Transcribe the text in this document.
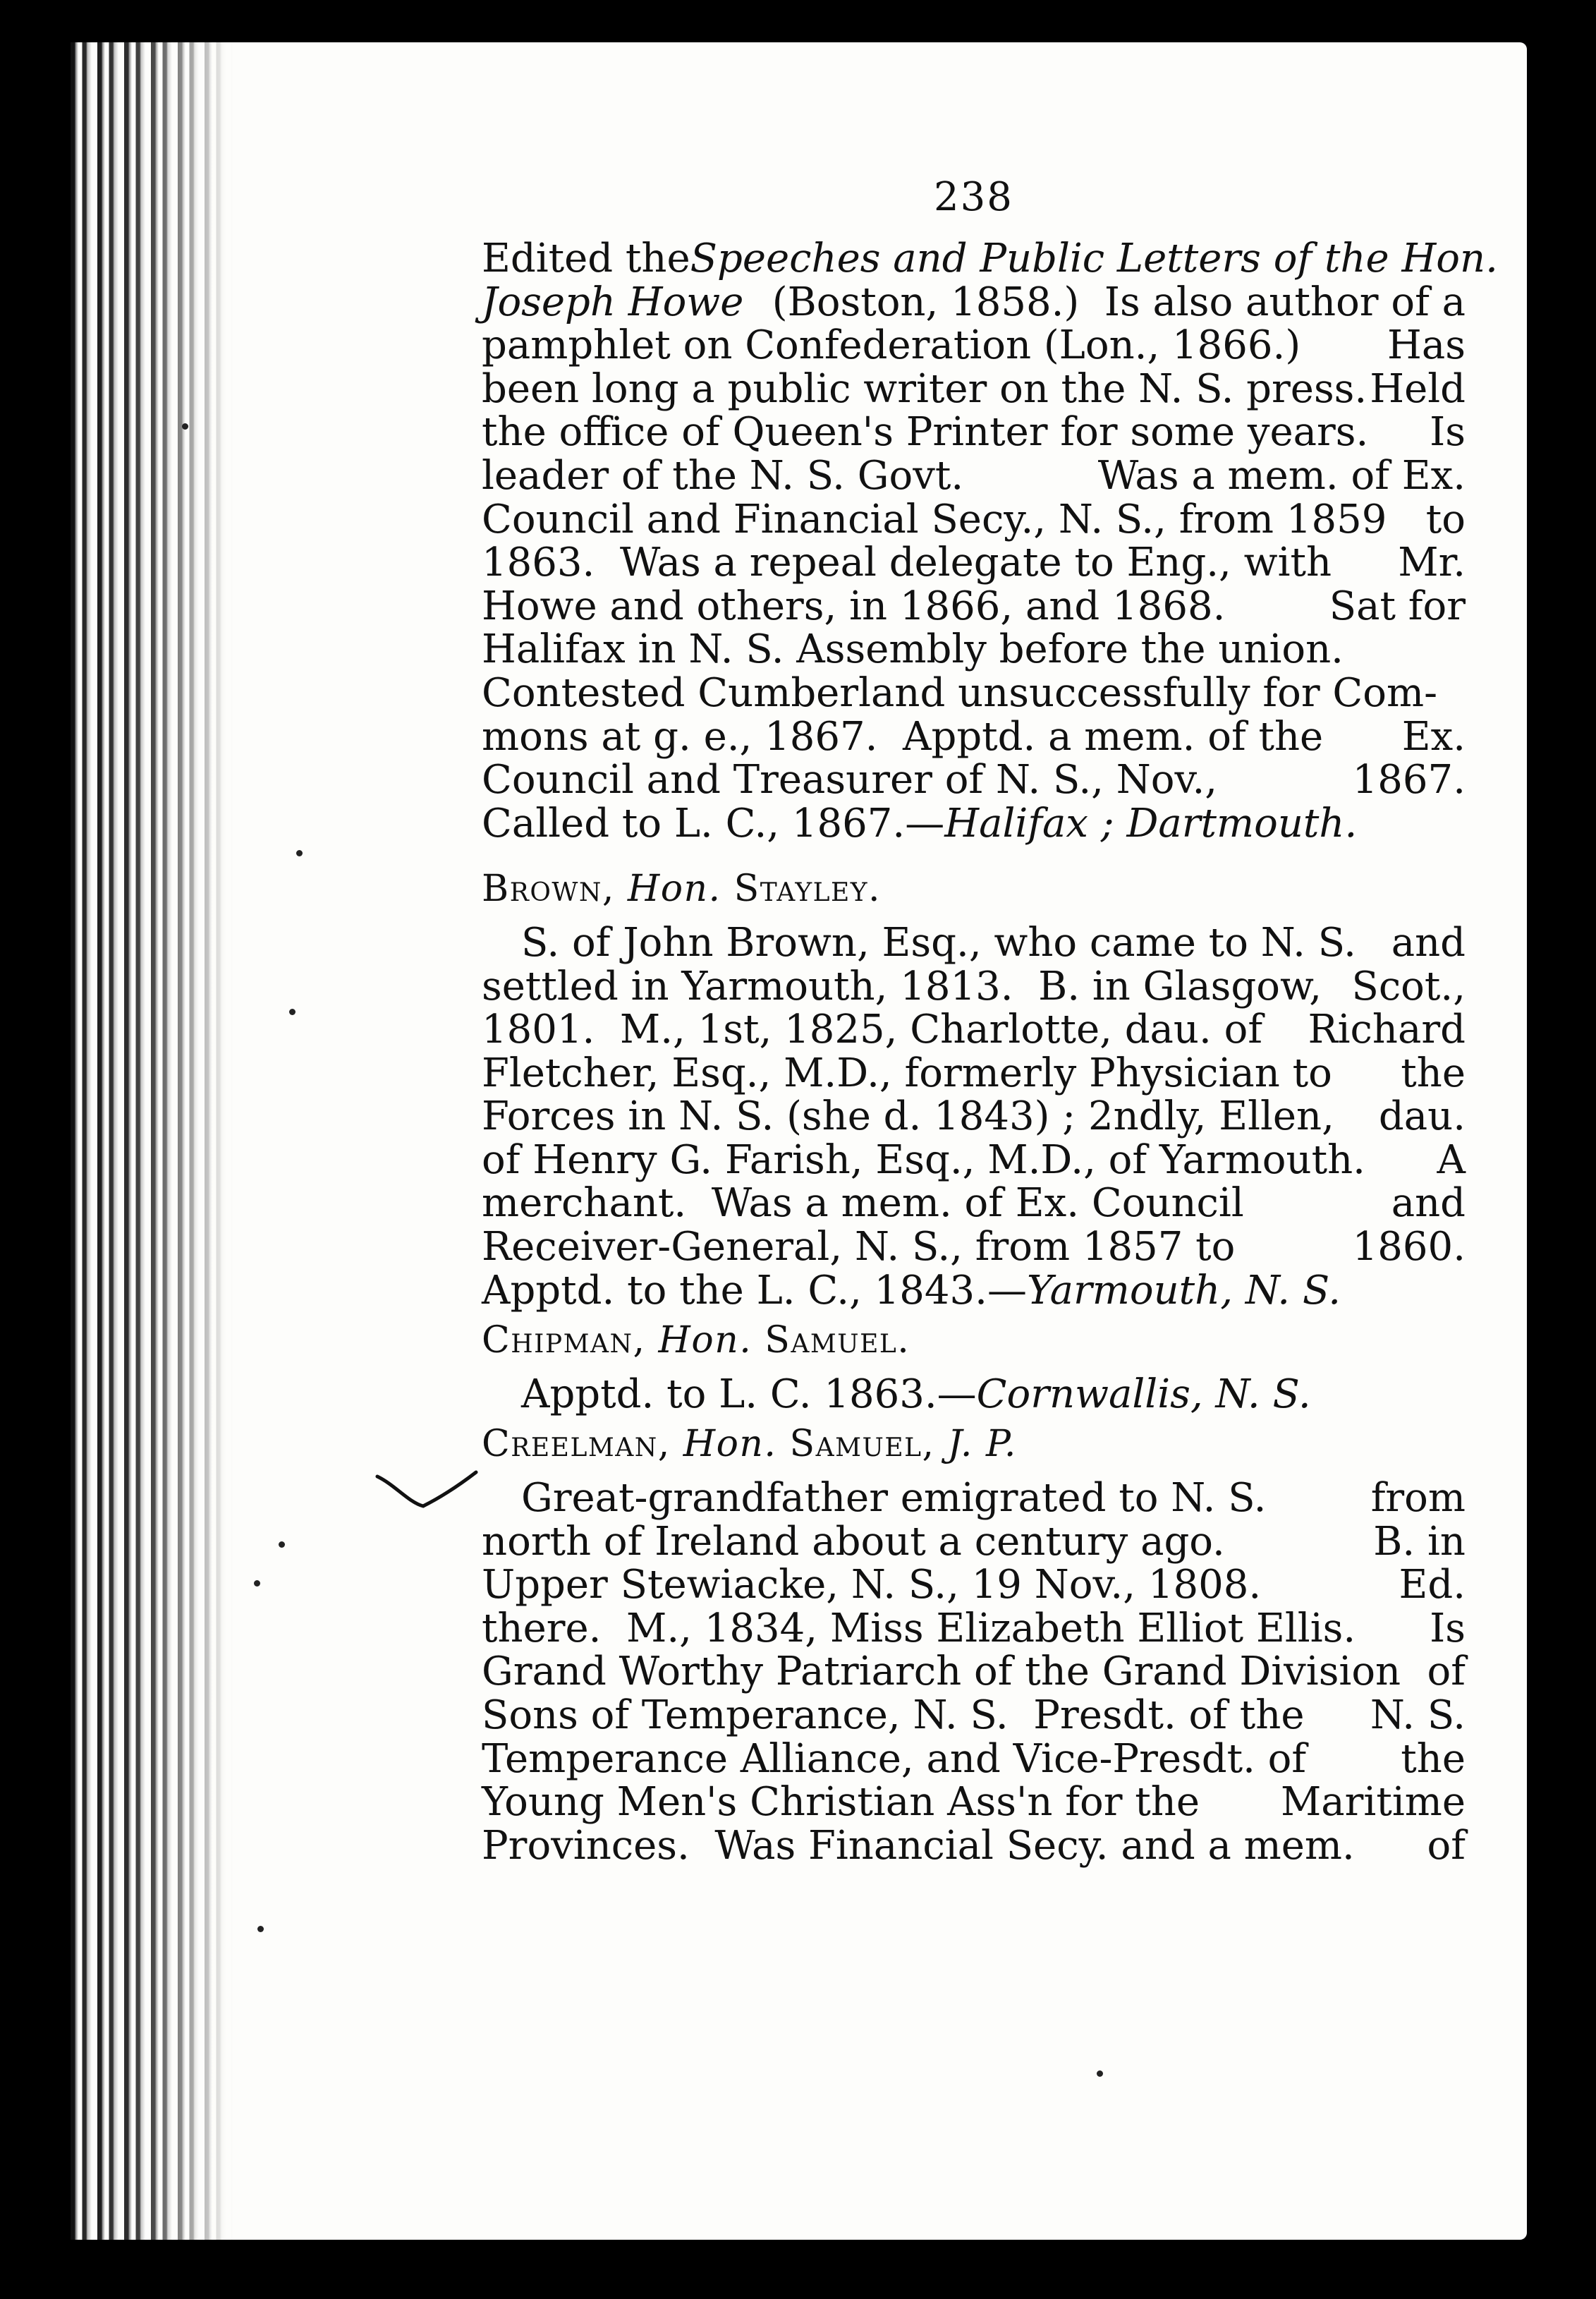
238
Edited the Speeches and Public Letters of the Hon.
Joseph Howe (Boston, 1858.)  Is also author of a
pamphlet on Confederation (Lon., 1866.) Has
been long a public writer on the N. S. press. Held
the office of Queen's Printer for some years. Is
leader of the N. S. Govt.	Was a mem. of Ex.
Council and Financial Secy., N. S., from 1859 to
1863.  Was a repeal delegate to Eng., with Mr.
Howe and others, in 1866, and 1868.	Sat for
Halifax in N. S. Assembly before the union.
Contested Cumberland unsuccessfully for Com-
mons at g. e., 1867.  Apptd. a mem. of the Ex.
Council and Treasurer of N. S., Nov.,	1867.
Called to L. C., 1867.— Halifax ; Dartmouth.
Brown, Hon. Stayley.
S. of John Brown, Esq., who came to N. S. and
settled in Yarmouth, 1813.  B. in Glasgow, Scot.,
1801.  M., 1st, 1825, Charlotte, dau. of Richard
Fletcher, Esq., M.D., formerly Physician to the
Forces in N. S. (she d. 1843) ; 2ndly, Ellen, dau.
of Henry G. Farish, Esq., M.D., of Yarmouth. A
merchant.  Was a mem. of Ex. Council	and
Receiver-General, N. S., from 1857 to	1860.
Apptd. to the L. C., 1843.— Yarmouth, N. S.
Chipman, Hon. Samuel.
Apptd. to L. C. 1863.— Cornwallis, N. S.
Creelman, Hon. Samuel, J. P.
Great-grandfather emigrated to N. S.	from
north of Ireland about a century ago.	B. in
Upper Stewiacke, N. S., 19 Nov., 1808.	Ed.
there.  M., 1834, Miss Elizabeth Elliot Ellis. Is
Grand Worthy Patriarch of the Grand Division of
Sons of Temperance, N. S.  Presdt. of the N. S.
Temperance Alliance, and Vice-Presdt. of the
Young Men's Christian Ass'n for the Maritime
Provinces.  Was Financial Secy. and a mem. of
